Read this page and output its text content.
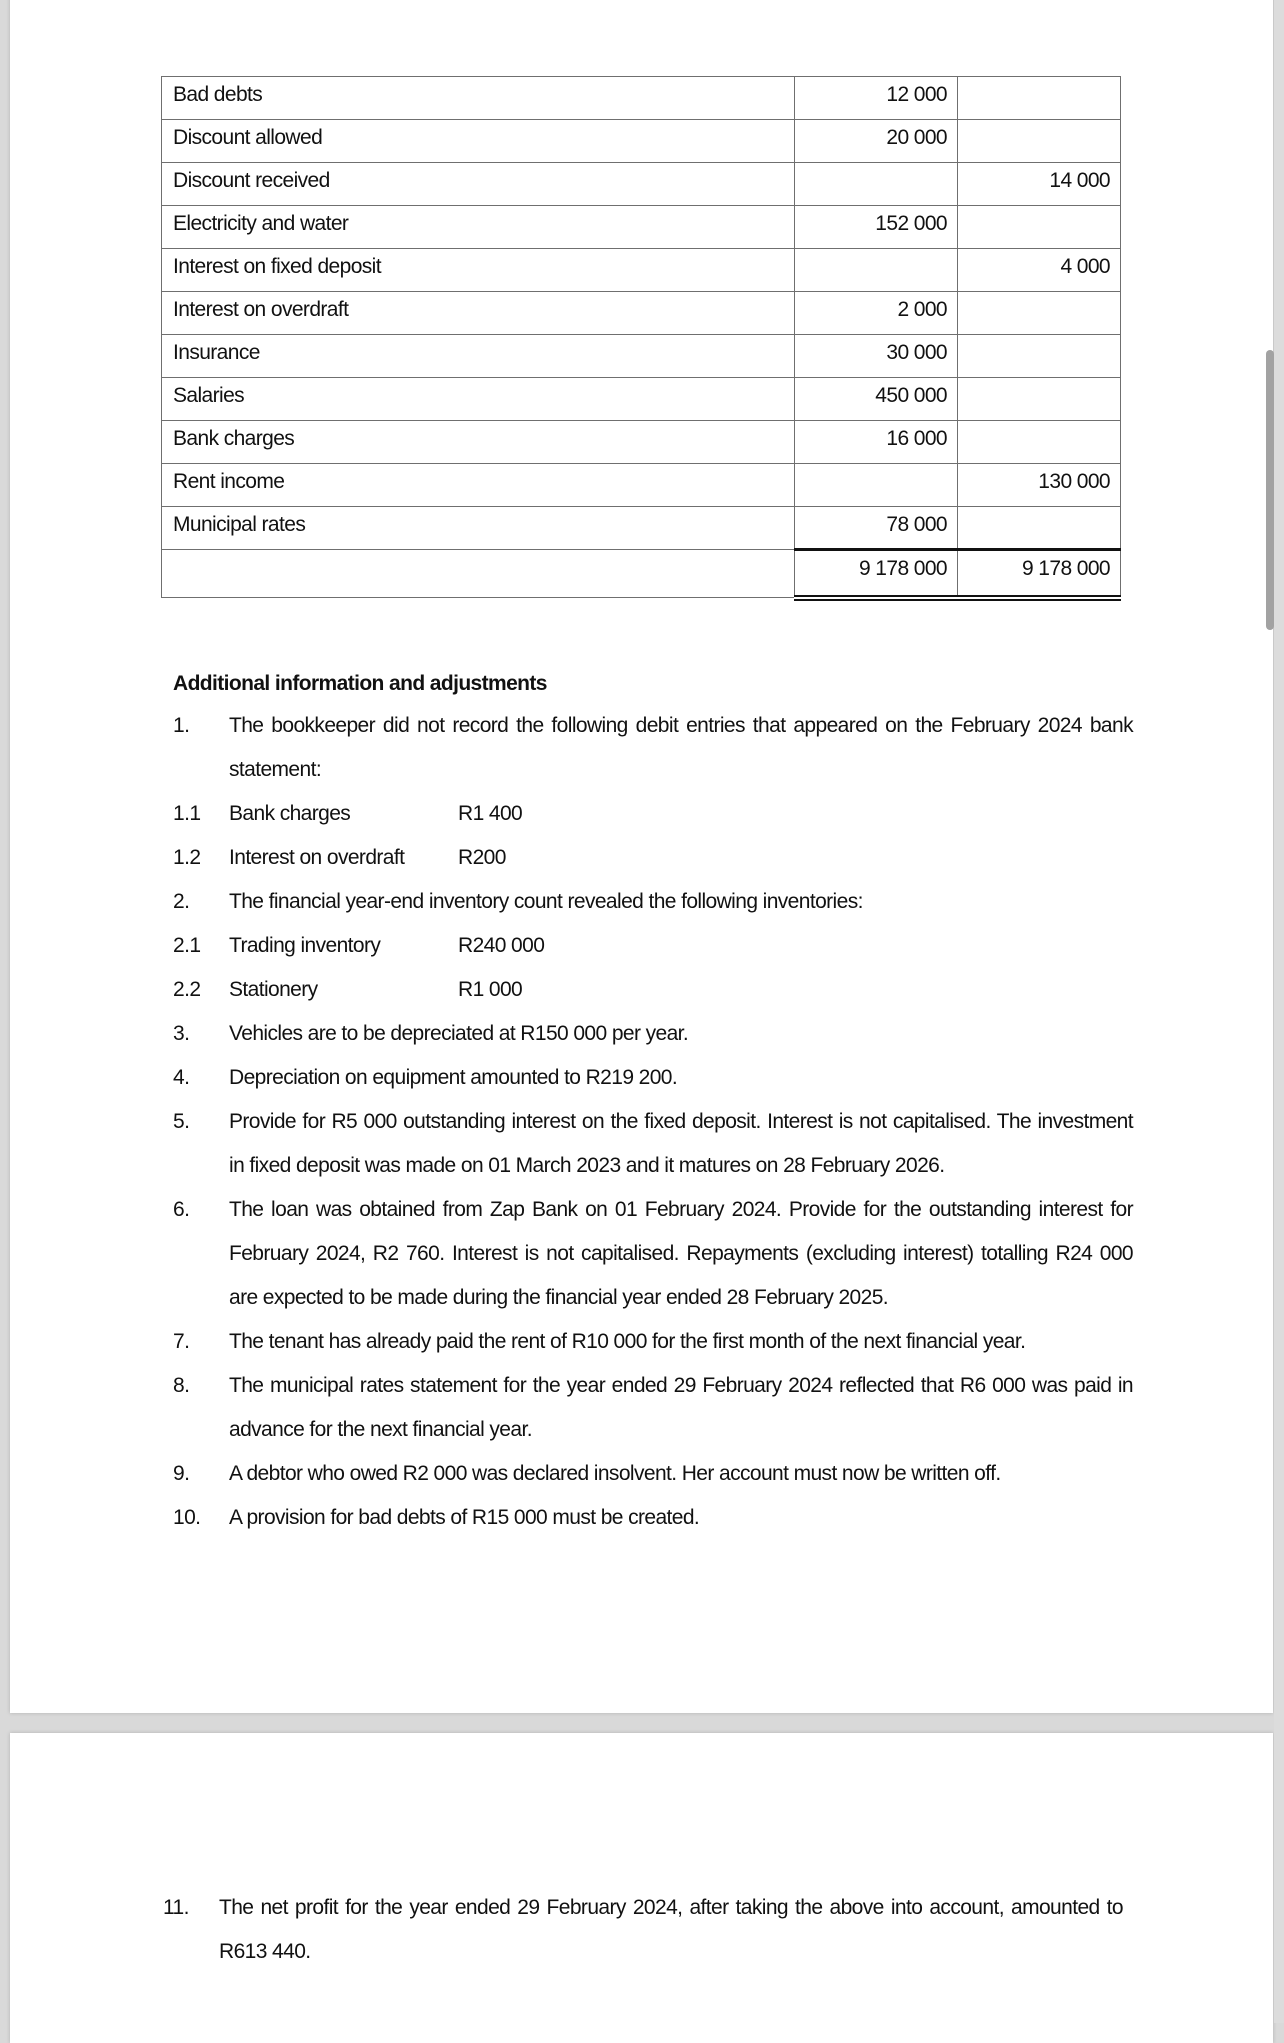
Bad debts	12 000	
Discount allowed	20 000	
Discount received		14 000
Electricity and water	152 000	
Interest on fixed deposit		4 000
Interest on overdraft	2 000	
Insurance	30 000	
Salaries	450 000	
Bank charges	16 000	
Rent income		130 000
Municipal rates	78 000	
	9 178 000	9 178 000
Additional information and adjustments
1.	The bookkeeper did not record the following debit entries that appeared on the February 2024 bank statement:
1.1	Bank charges	R1 400
1.2	Interest on overdraft	R200
2.	The financial year-end inventory count revealed the following inventories:
2.1	Trading inventory	R240 000
2.2	Stationery	R1 000
3.	Vehicles are to be depreciated at R150 000 per year.
4.	Depreciation on equipment amounted to R219 200.
5.	Provide for R5 000 outstanding interest on the fixed deposit. Interest is not capitalised. The investment in fixed deposit was made on 01 March 2023 and it matures on 28 February 2026.
6.	The loan was obtained from Zap Bank on 01 February 2024. Provide for the outstanding interest for February 2024, R2 760. Interest is not capitalised. Repayments (excluding interest) totalling R24 000 are expected to be made during the financial year ended 28 February 2025.
7.	The tenant has already paid the rent of R10 000 for the first month of the next financial year.
8.	The municipal rates statement for the year ended 29 February 2024 reflected that R6 000 was paid in advance for the next financial year.
9.	A debtor who owed R2 000 was declared insolvent. Her account must now be written off.
10.	A provision for bad debts of R15 000 must be created.
11.	The net profit for the year ended 29 February 2024, after taking the above into account, amounted to R613 440.
